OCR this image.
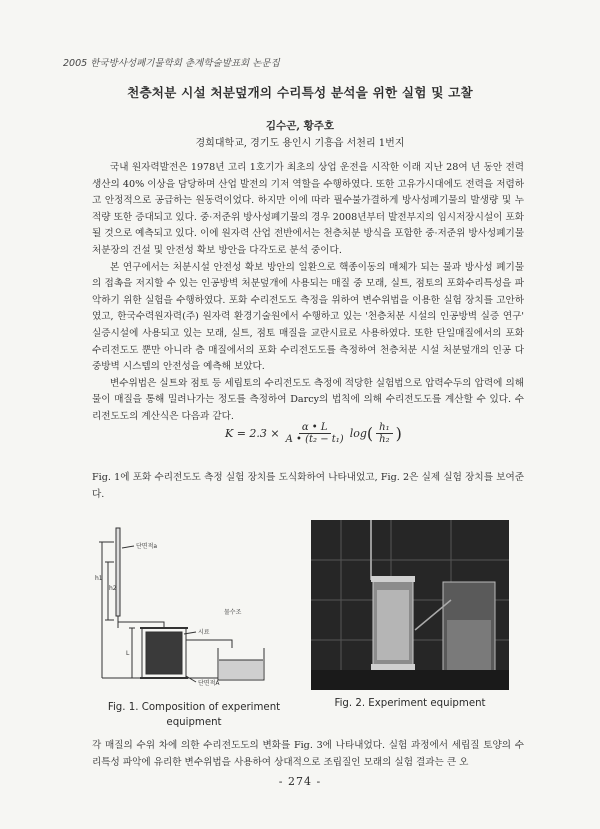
2005 한국방사성폐기물학회 춘계학술발표회 논문집
천층처분 시설 처분덮개의 수리특성 분석을 위한 실험 및 고찰
김수곤, 황주호
경희대학교, 경기도 용인시 기흥읍 서천리 1번지

국내 원자력발전은 1978년 고리 1호기가 최초의 상업 운전을 시작한 이래 지난 28여 년 동안 전력생산의 40% 이상을 담당하며 산업 발전의 기저 역할을 수행하였다. 또한 고유가시대에도 전력을 저렴하고 안정적으로 공급하는 원동력이었다. 하지만 이에 따라 필수불가결하게 방사성폐기물의 발생량 및 누적량 또한 증대되고 있다. 중·저준위 방사성폐기물의 경우 2008년부터 발전부지의 임시저장시설이 포화될 것으로 예측되고 있다. 이에 원자력 산업 전반에서는 천층처분 방식을 포함한 중·저준위 방사성폐기물 처분장의 건설 및 안전성 확보 방안을 다각도로 분석 중이다.

본 연구에서는 처분시설 안전성 확보 방안의 일환으로 핵종이동의 매체가 되는 물과 방사성 폐기물의 접촉을 저지할 수 있는 인공방벽 처분덮개에 사용되는 매질 중 모래, 실트, 점토의 포화수리특성을 파악하기 위한 실험을 수행하였다. 포화 수리전도도 측정을 위하여 변수위법을 이용한 실험 장치를 고안하였고, 한국수력원자력(주) 원자력 환경기술원에서 수행하고 있는 '천층처분 시설의 인공방벽 실증 연구' 실증시설에 사용되고 있는 모래, 실트, 점토 매질을 교란시료로 사용하였다. 또한 단일매질에서의 포화 수리전도도 뿐만 아니라 층 매질에서의 포화 수리전도도를 측정하여 천층처분 시설 처분덮개의 인공 다중방벽 시스템의 안전성을 예측해 보았다.

변수위법은 실트와 점토 등 세립토의 수리전도도 측정에 적당한 실험법으로 압력수두의 압력에 의해 물이 매질을 통해 밀려나가는 정도를 측정하여 Darcy의 법칙에 의해 수리전도도를 계산할 수 있다. 수리전도도의 계산식은 다음과 같다.

$K = 2.3 \times \frac{\alpha • L}{\text{A • (t₂ − t₁)}}$ log ( $\frac{\text{h₁}}{\text{h₂}}$ )

Fig. 1에 포화 수리전도도 측정 실험 장치를 도식화하여 나타내었고, Fig. 2은 실제 실험 장치를 보여준다.

단면적a
시료
물수조
단면적A
h1
h2
L
Fig. 1. Composition of experiment
equipment
Fig. 2. Experiment equipment

각 매질의 수위 차에 의한 수리전도도의 변화를 Fig. 3에 나타내었다. 실험 과정에서 세립질 토양의 수리특성 파악에 유리한 변수위법을 사용하여 상대적으로 조립질인 모래의 실험 결과는 큰 오

- 274 -
